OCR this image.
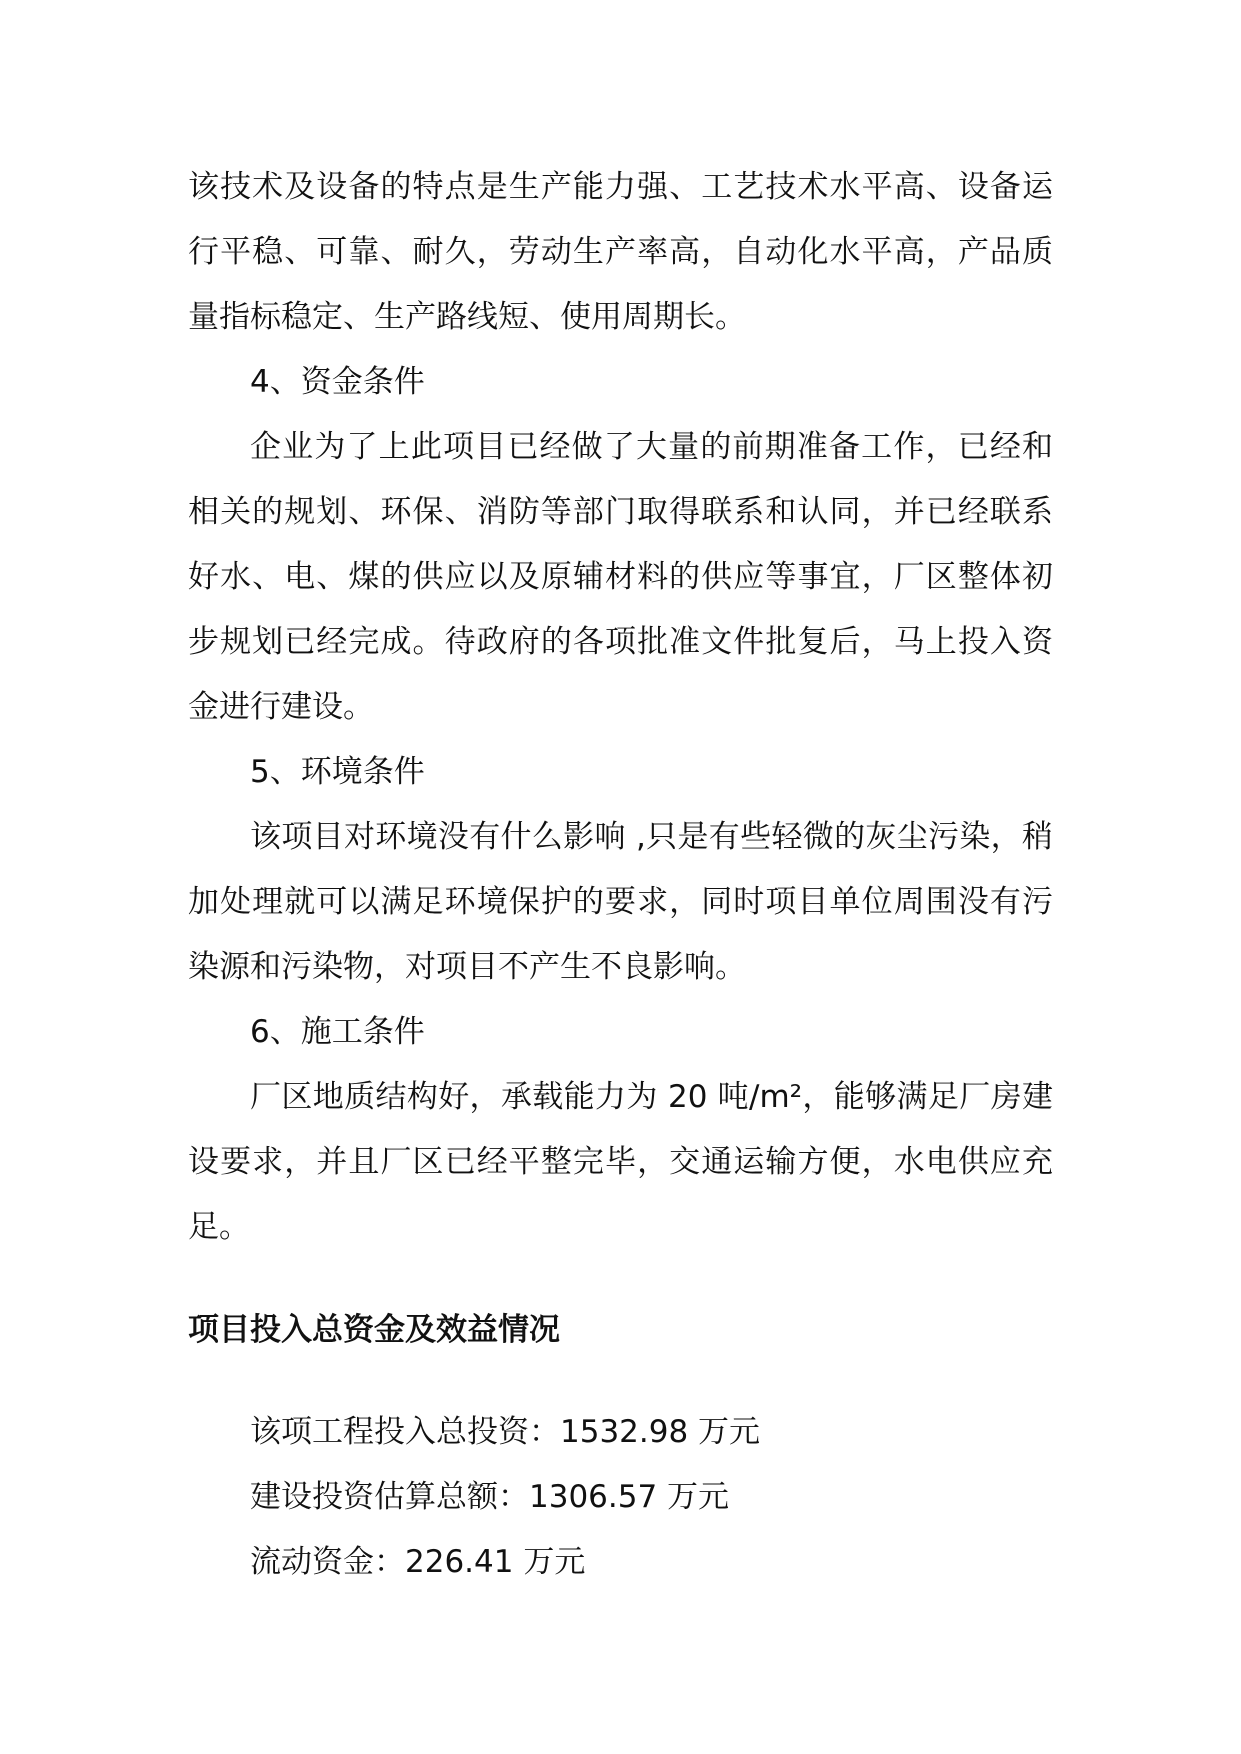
该技术及设备的特点是生产能力强、工艺技术水平高、设备运行平稳、可靠、耐久，劳动生产率高，自动化水平高，产品质量指标稳定、生产路线短、使用周期长。

4、资金条件

企业为了上此项目已经做了大量的前期准备工作，已经和相关的规划、环保、消防等部门取得联系和认同，并已经联系好水、电、煤的供应以及原辅材料的供应等事宜，厂区整体初步规划已经完成。待政府的各项批准文件批复后，马上投入资金进行建设。

5、环境条件

该项目对环境没有什么影响 ,只是有些轻微的灰尘污染，稍加处理就可以满足环境保护的要求，同时项目单位周围没有污染源和污染物，对项目不产生不良影响。

6、施工条件

厂区地质结构好，承载能力为 20 吨/m²，能够满足厂房建设要求，并且厂区已经平整完毕，交通运输方便，水电供应充足。

项目投入总资金及效益情况

该项工程投入总投资：1532.98 万元

建设投资估算总额：1306.57 万元

流动资金：226.41 万元
